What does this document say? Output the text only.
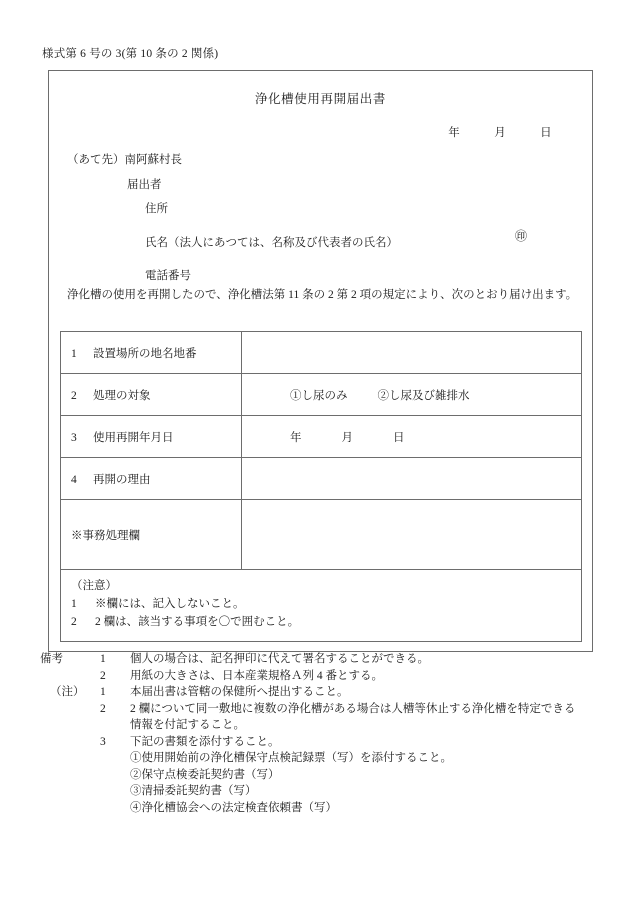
様式第 6 号の 3(第 10 条の 2 関係)
浄化槽使用再開届出書
年	月	日
（あて先）南阿蘇村長
届出者
住所
氏名（法人にあつては、名称及び代表者の氏名）
電話番号
㊞
浄化槽の使用を再開したので、浄化槽法第 11 条の 2 第 2 項の規定により、次のとおり届け出ます。
1 設置場所の地名地番	
2 処理の対象	①し尿のみ ②し尿及び雑排水
3 使用再開年月日	年 月 日
4 再開の理由	
※事務処理欄	

（注意）
1 ※欄には、記入しないこと。
2 2 欄は、該当する事項を〇で囲むこと。	
備考	1	個人の場合は、記名押印に代えて署名することができる。
2	用紙の大きさは、日本産業規格Ａ列 4 番とする。
（注）	1	本届出書は管轄の保健所へ提出すること。
2	2 欄について同一敷地に複数の浄化槽がある場合は人槽等休止する浄化槽を特定できる
情報を付記すること。
3	下記の書類を添付すること。
①使用開始前の浄化槽保守点検記録票（写）を添付すること。
②保守点検委託契約書（写）
③清掃委託契約書（写）
④浄化槽協会への法定検査依頼書（写）
